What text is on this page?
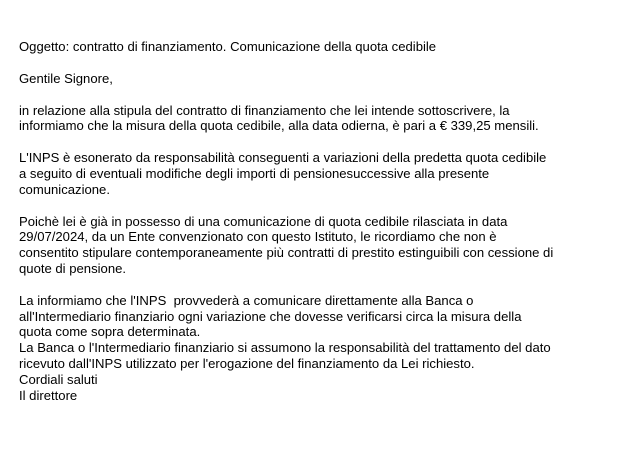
Oggetto: contratto di finanziamento. Comunicazione della quota cedibile

Gentile Signore,

in relazione alla stipula del contratto di finanziamento che lei intende sottoscrivere, la
informiamo che la misura della quota cedibile, alla data odierna, è pari a € 339,25 mensili.
L'INPS è esonerato da responsabilità conseguenti a variazioni della predetta quota cedibile
a seguito di eventuali modifiche degli importi di pensionesuccessive alla presente
comunicazione.
Poichè lei è già in possesso di una comunicazione di quota cedibile rilasciata in data
29/07/2024, da un Ente convenzionato con questo Istituto, le ricordiamo che non è
consentito stipulare contemporaneamente più contratti di prestito estinguibili con cessione di
quote di pensione.
La informiamo che l'INPS  provvederà a comunicare direttamente alla Banca o
all'Intermediario finanziario ogni variazione che dovesse verificarsi circa la misura della
quota come sopra determinata.
La Banca o l'Intermediario finanziario si assumono la responsabilità del trattamento del dato
ricevuto dall'INPS utilizzato per l'erogazione del finanziamento da Lei richiesto.
Cordiali saluti
Il direttore
